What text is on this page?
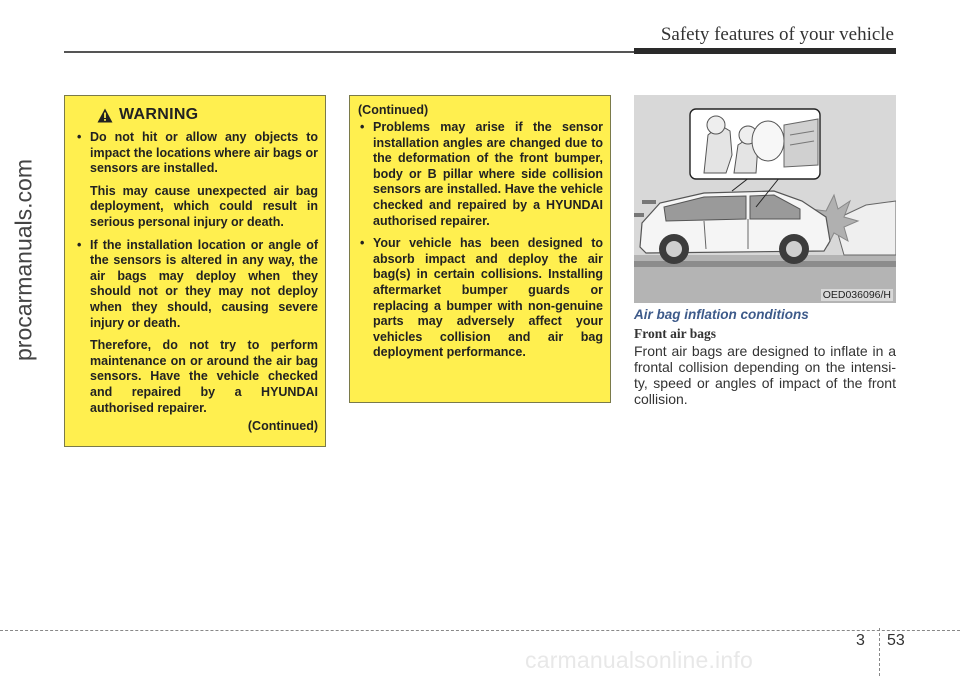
procarmanuals.com
Safety features of your vehicle
WARNING
• Do not hit or allow any objects to impact the locations where air bags or sensors are installed.

This may cause unexpected air bag deployment, which could result in serious personal injury or death.

• If the installation location or angle of the sensors is altered in any way, the air bags may deploy when they should not or they may not deploy when they should, causing severe injury or death.

Therefore, do not try to perform maintenance on or around the air bag sensors. Have the vehicle checked and repaired by a HYUNDAI authorised repairer.

(Continued)
(Continued)
• Problems may arise if the sensor installation angles are changed due to the deformation of the front bumper, body or B pillar where side collision sensors are installed. Have the vehicle checked and repaired by a HYUNDAI authorised repairer.

• Your vehicle has been designed to absorb impact and deploy the air bag(s) in certain collisions. Installing aftermarket bumper guards or replacing a bumper with non-genuine parts may adversely affect your vehicles collision and air bag deployment performance.

OED036096/H
Air bag inflation conditions
Front air bags

Front air bags are designed to inflate in a frontal collision depending on the intensi-ty, speed or angles of impact of the front collision.

3 53
carmanualsonline.info
